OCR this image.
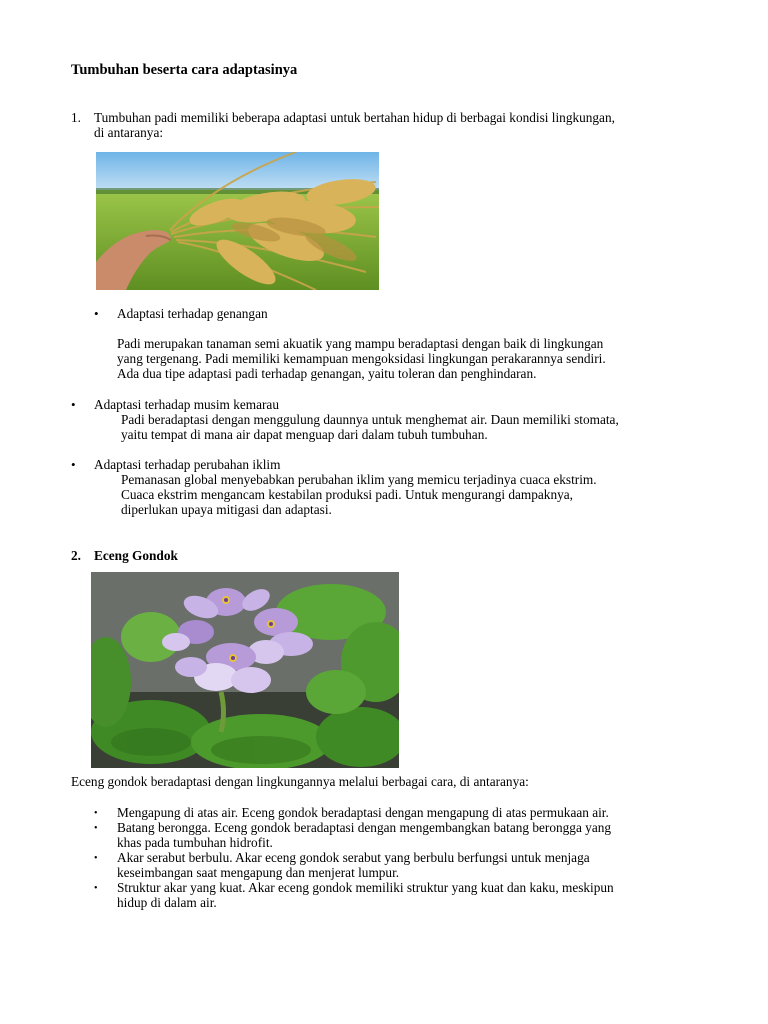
Tumbuhan beserta cara adaptasinya
1. Tumbuhan padi memiliki beberapa adaptasi untuk bertahan hidup di berbagai kondisi lingkungan,
di antaranya:
• Adaptasi terhadap genangan
Padi merupakan tanaman semi akuatik yang mampu beradaptasi dengan baik di lingkungan
yang tergenang. Padi memiliki kemampuan mengoksidasi lingkungan perakarannya sendiri.
Ada dua tipe adaptasi padi terhadap genangan, yaitu toleran dan penghindaran.
• Adaptasi terhadap musim kemarau
Padi beradaptasi dengan menggulung daunnya untuk menghemat air. Daun memiliki stomata,
yaitu tempat di mana air dapat menguap dari dalam tubuh tumbuhan.
• Adaptasi terhadap perubahan iklim
Pemanasan global menyebabkan perubahan iklim yang memicu terjadinya cuaca ekstrim.
Cuaca ekstrim mengancam kestabilan produksi padi. Untuk mengurangi dampaknya,
diperlukan upaya mitigasi dan adaptasi.
2. Eceng Gondok
Eceng gondok beradaptasi dengan lingkungannya melalui berbagai cara, di antaranya:
• Mengapung di atas air. Eceng gondok beradaptasi dengan mengapung di atas permukaan air.
• Batang berongga. Eceng gondok beradaptasi dengan mengembangkan batang berongga yang
khas pada tumbuhan hidrofit.
• Akar serabut berbulu. Akar eceng gondok serabut yang berbulu berfungsi untuk menjaga
keseimbangan saat mengapung dan menjerat lumpur.
• Struktur akar yang kuat. Akar eceng gondok memiliki struktur yang kuat dan kaku, meskipun
hidup di dalam air.
